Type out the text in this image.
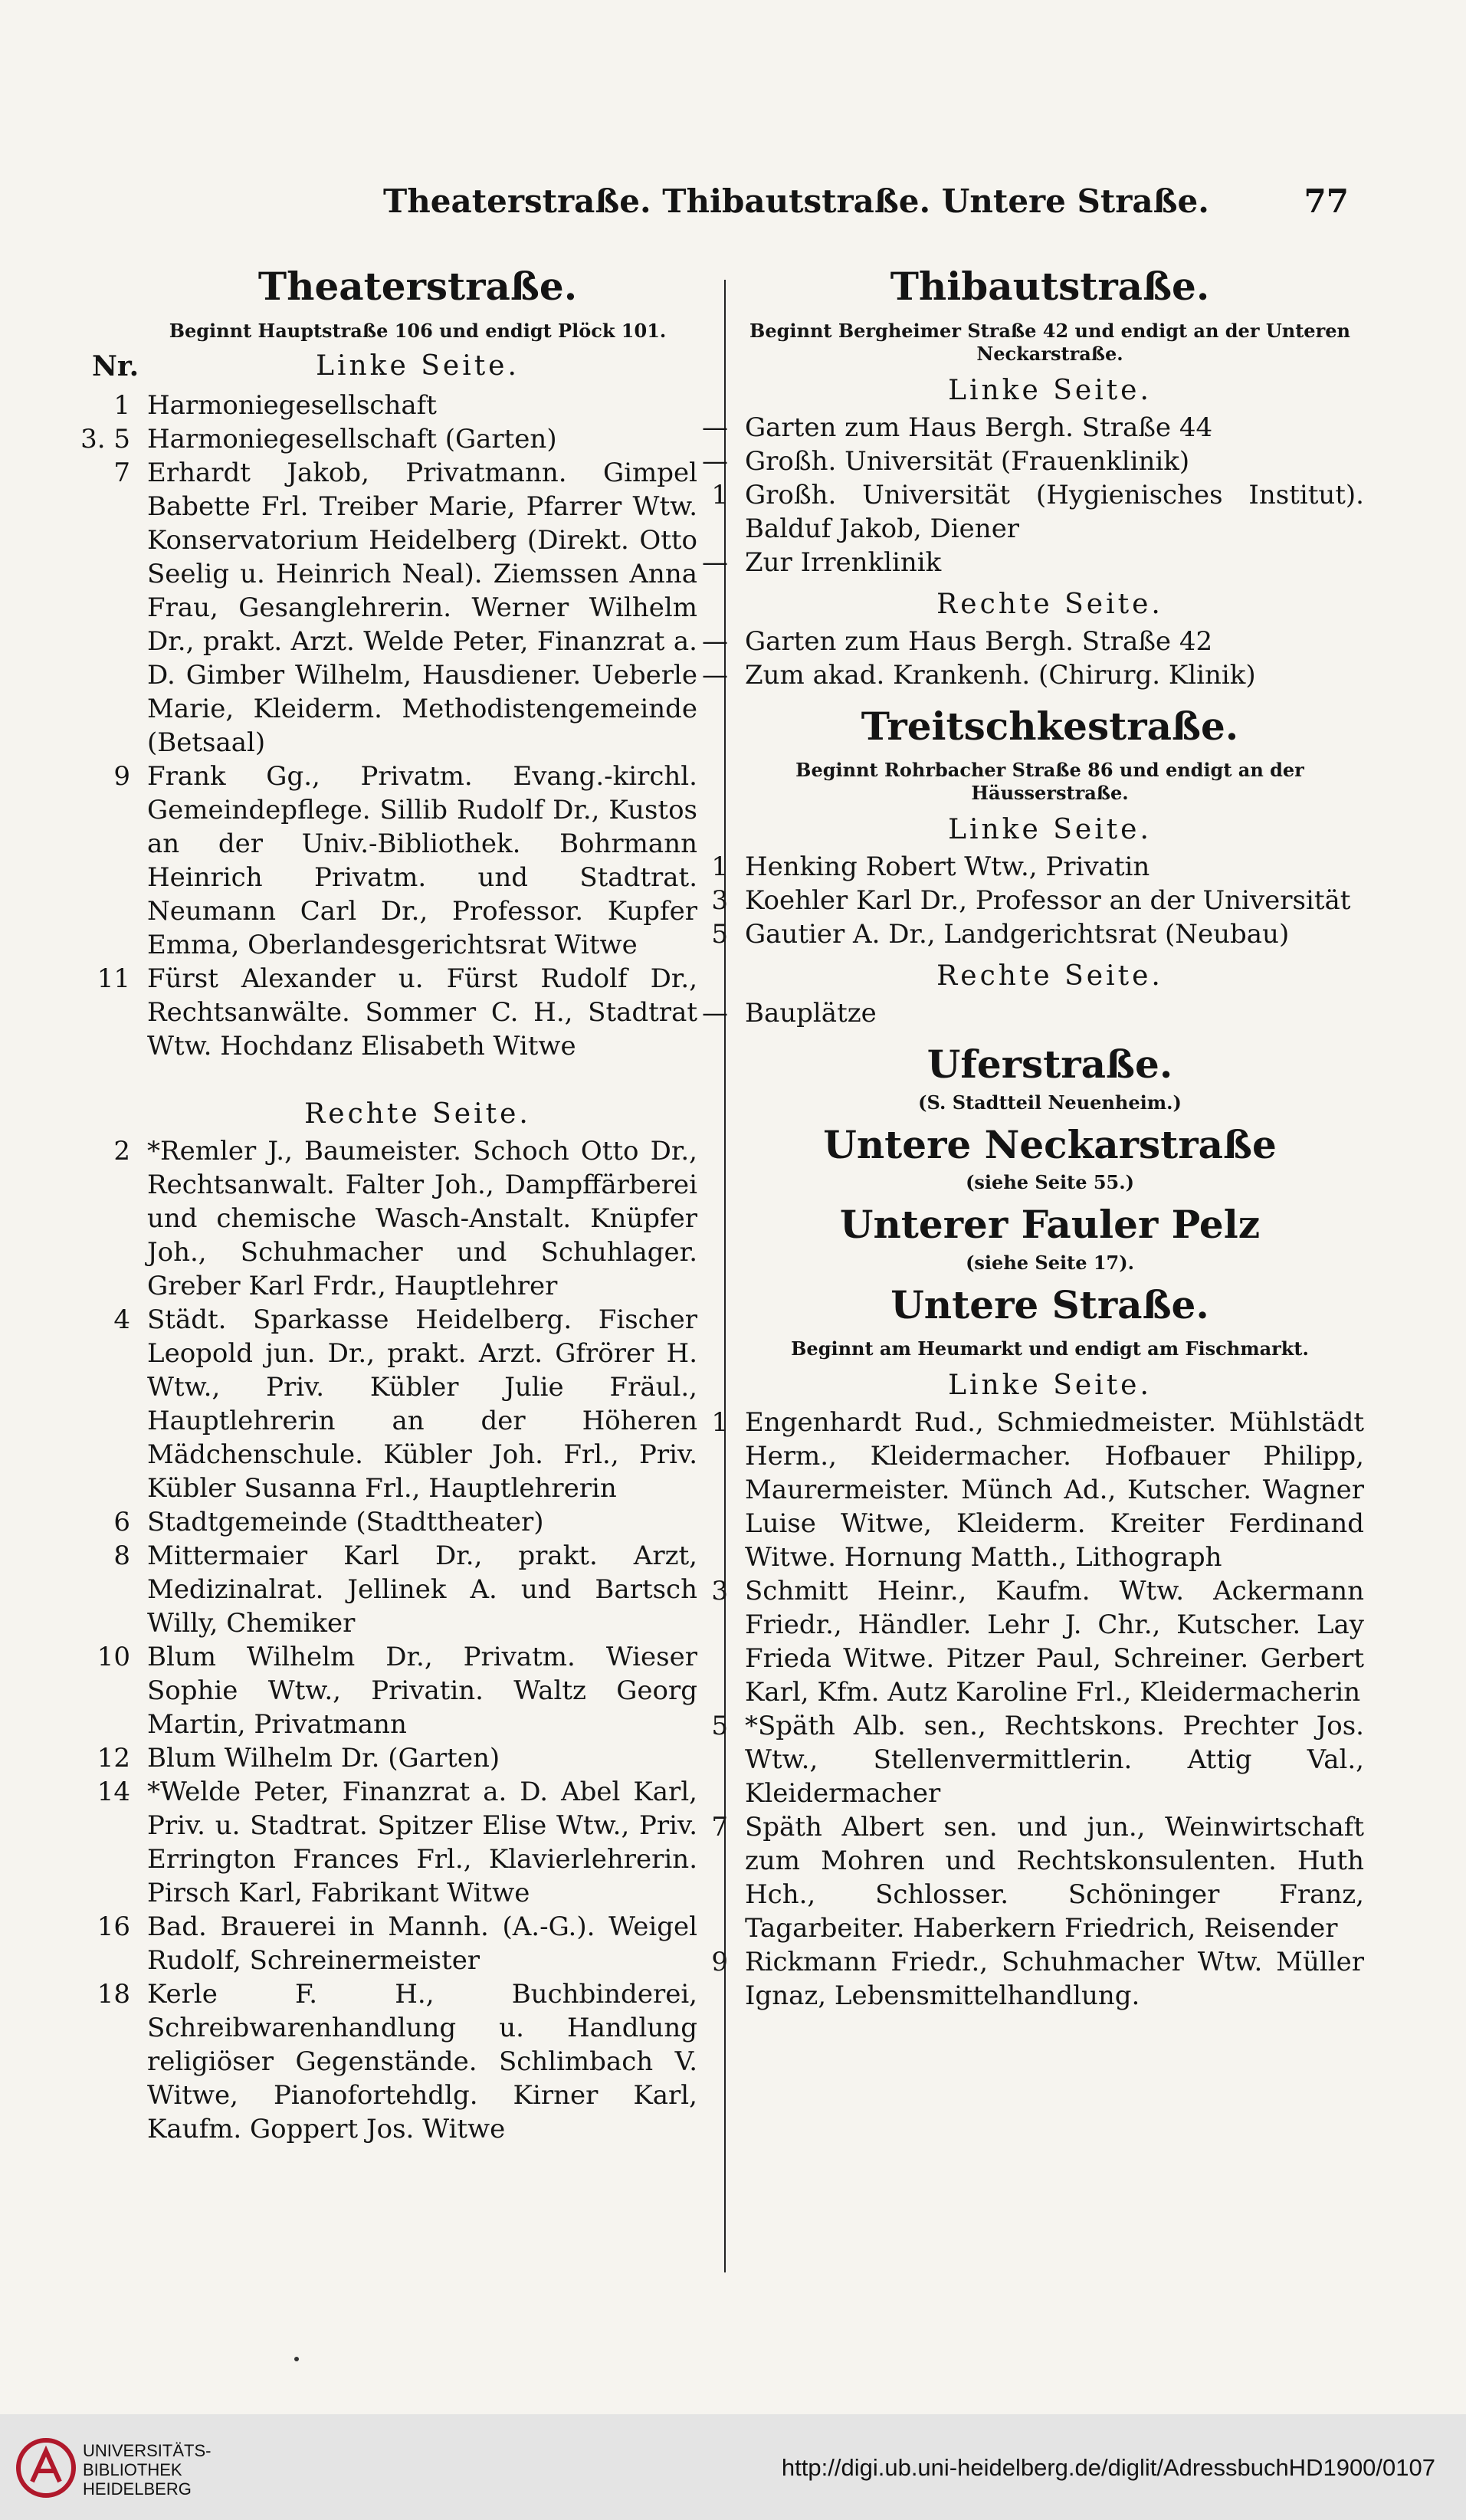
Theaterstraße. Thibautstraße. Untere Straße.	77
Theaterstraße.
Beginnt Hauptstraße 106 und endigt Plöck 101.
Nr.	Linke Seite.

1 Harmoniegesellschaft

3. 5 Harmoniegesellschaft (Garten)

7 Erhardt Jakob, Privatmann. Gimpel Babette Frl. Treiber Marie, Pfarrer Wtw. Konservatorium Heidelberg (Direkt. Otto Seelig u. Heinrich Neal). Ziemssen Anna Frau, Gesanglehrerin. Werner Wilhelm Dr., prakt. Arzt. Welde Peter, Finanzrat a. D. Gimber Wilhelm, Hausdiener. Ueberle Marie, Kleiderm. Methodistengemeinde (Betsaal)

9 Frank Gg., Privatm. Evang.-kirchl. Gemeindepflege. Sillib Rudolf Dr., Kustos an der Univ.-Bibliothek. Bohrmann Heinrich Privatm. und Stadtrat. Neumann Carl Dr., Professor. Kupfer Emma, Oberlandesgerichtsrat Witwe

11 Fürst Alexander u. Fürst Rudolf Dr., Rechtsanwälte. Sommer C. H., Stadtrat Wtw. Hochdanz Elisabeth Witwe

Rechte Seite.

2 *Remler J., Baumeister. Schoch Otto Dr., Rechtsanwalt. Falter Joh., Dampffärberei und chemische Wasch-Anstalt. Knüpfer Joh., Schuhmacher und Schuhlager. Greber Karl Frdr., Hauptlehrer

4 Städt. Sparkasse Heidelberg. Fischer Leopold jun. Dr., prakt. Arzt. Gfrörer H. Wtw., Priv. Kübler Julie Fräul., Hauptlehrerin an der Höheren Mädchenschule. Kübler Joh. Frl., Priv. Kübler Susanna Frl., Hauptlehrerin

6 Stadtgemeinde (Stadttheater)

8 Mittermaier Karl Dr., prakt. Arzt, Medizinalrat. Jellinek A. und Bartsch Willy, Chemiker

10 Blum Wilhelm Dr., Privatm. Wieser Sophie Wtw., Privatin. Waltz Georg Martin, Privatmann

12 Blum Wilhelm Dr. (Garten)

14 *Welde Peter, Finanzrat a. D. Abel Karl, Priv. u. Stadtrat. Spitzer Elise Wtw., Priv. Errington Frances Frl., Klavierlehrerin. Pirsch Karl, Fabrikant Witwe

16 Bad. Brauerei in Mannh. (A.-G.). Weigel Rudolf, Schreinermeister

18 Kerle F. H., Buchbinderei, Schreibwarenhandlung u. Handlung religiöser Gegenstände. Schlimbach V. Witwe, Pianofortehdlg. Kirner Karl, Kaufm. Goppert Jos. Witwe

Thibautstraße.
Beginnt Bergheimer Straße 42 und endigt an der Unteren Neckarstraße.
Linke Seite.

— Garten zum Haus Bergh. Straße 44

— Großh. Universität (Frauenklinik)

1 Großh. Universität (Hygienisches Institut). Balduf Jakob, Diener

— Zur Irrenklinik

Rechte Seite.

— Garten zum Haus Bergh. Straße 42

— Zum akad. Krankenh. (Chirurg. Klinik)

Treitschkestraße.
Beginnt Rohrbacher Straße 86 und endigt an der Häusserstraße.
Linke Seite.

1 Henking Robert Wtw., Privatin

3 Koehler Karl Dr., Professor an der Universität

5 Gautier A. Dr., Landgerichtsrat (Neubau)

Rechte Seite.

— Bauplätze

Uferstraße.
(S. Stadtteil Neuenheim.)
Untere Neckarstraße
(siehe Seite 55.)
Unterer Fauler Pelz
(siehe Seite 17).
Untere Straße.
Beginnt am Heumarkt und endigt am Fischmarkt.
Linke Seite.

1 Engenhardt Rud., Schmiedmeister. Mühlstädt Herm., Kleidermacher. Hofbauer Philipp, Maurermeister. Münch Ad., Kutscher. Wagner Luise Witwe, Kleiderm. Kreiter Ferdinand Witwe. Hornung Matth., Lithograph

3 Schmitt Heinr., Kaufm. Wtw. Ackermann Friedr., Händler. Lehr J. Chr., Kutscher. Lay Frieda Witwe. Pitzer Paul, Schreiner. Gerbert Karl, Kfm. Autz Karoline Frl., Kleidermacherin

5 *Späth Alb. sen., Rechtskons. Prechter Jos. Wtw., Stellenvermittlerin. Attig Val., Kleidermacher

7 Späth Albert sen. und jun., Weinwirtschaft zum Mohren und Rechtskonsulenten. Huth Hch., Schlosser. Schöninger Franz, Tagarbeiter. Haberkern Friedrich, Reisender

9 Rickmann Friedr., Schuhmacher Wtw. Müller Ignaz, Lebensmittelhandlung.

UNIVERSITÄTS-
BIBLIOTHEK
HEIDELBERG
http://digi.ub.uni-heidelberg.de/diglit/AdressbuchHD1900/0107
